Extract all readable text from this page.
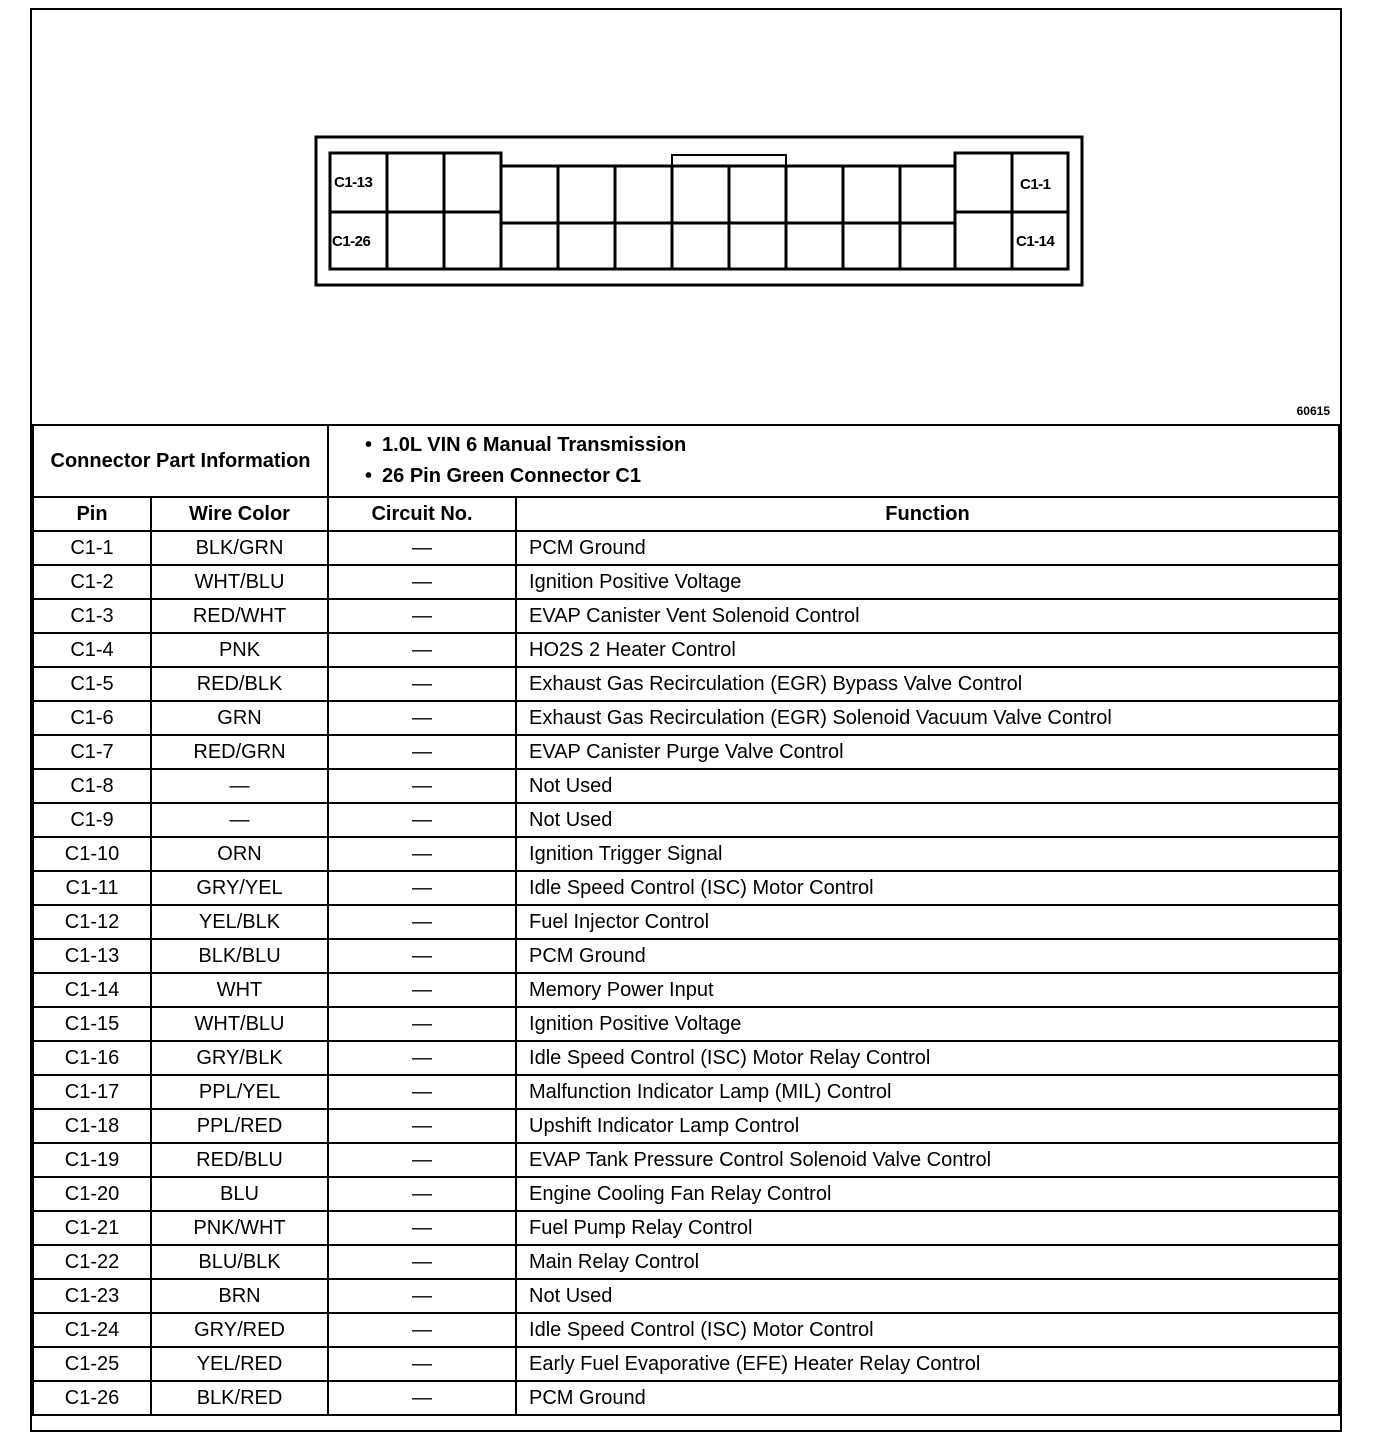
C1-13
C1-26
C1-1
C1-14
60615
Connector Part Information		• 1.0L VIN 6 Manual Transmission
• 26 Pin Green Connector C1	

Pin	Wire Color	Circuit No.	Function
C1-1	BLK/GRN	—	PCM Ground
C1-2	WHT/BLU	—	Ignition Positive Voltage
C1-3	RED/WHT	—	EVAP Canister Vent Solenoid Control
C1-4	PNK	—	HO2S 2 Heater Control
C1-5	RED/BLK	—	Exhaust Gas Recirculation (EGR) Bypass Valve Control
C1-6	GRN	—	Exhaust Gas Recirculation (EGR) Solenoid Vacuum Valve Control
C1-7	RED/GRN	—	EVAP Canister Purge Valve Control
C1-8	—	—	Not Used
C1-9	—	—	Not Used
C1-10	ORN	—	Ignition Trigger Signal
C1-11	GRY/YEL	—	Idle Speed Control (ISC) Motor Control
C1-12	YEL/BLK	—	Fuel Injector Control
C1-13	BLK/BLU	—	PCM Ground
C1-14	WHT	—	Memory Power Input
C1-15	WHT/BLU	—	Ignition Positive Voltage
C1-16	GRY/BLK	—	Idle Speed Control (ISC) Motor Relay Control
C1-17	PPL/YEL	—	Malfunction Indicator Lamp (MIL) Control
C1-18	PPL/RED	—	Upshift Indicator Lamp Control
C1-19	RED/BLU	—	EVAP Tank Pressure Control Solenoid Valve Control
C1-20	BLU	—	Engine Cooling Fan Relay Control
C1-21	PNK/WHT	—	Fuel Pump Relay Control
C1-22	BLU/BLK	—	Main Relay Control
C1-23	BRN	—	Not Used
C1-24	GRY/RED	—	Idle Speed Control (ISC) Motor Control
C1-25	YEL/RED	—	Early Fuel Evaporative (EFE) Heater Relay Control
C1-26	BLK/RED	—	PCM Ground
